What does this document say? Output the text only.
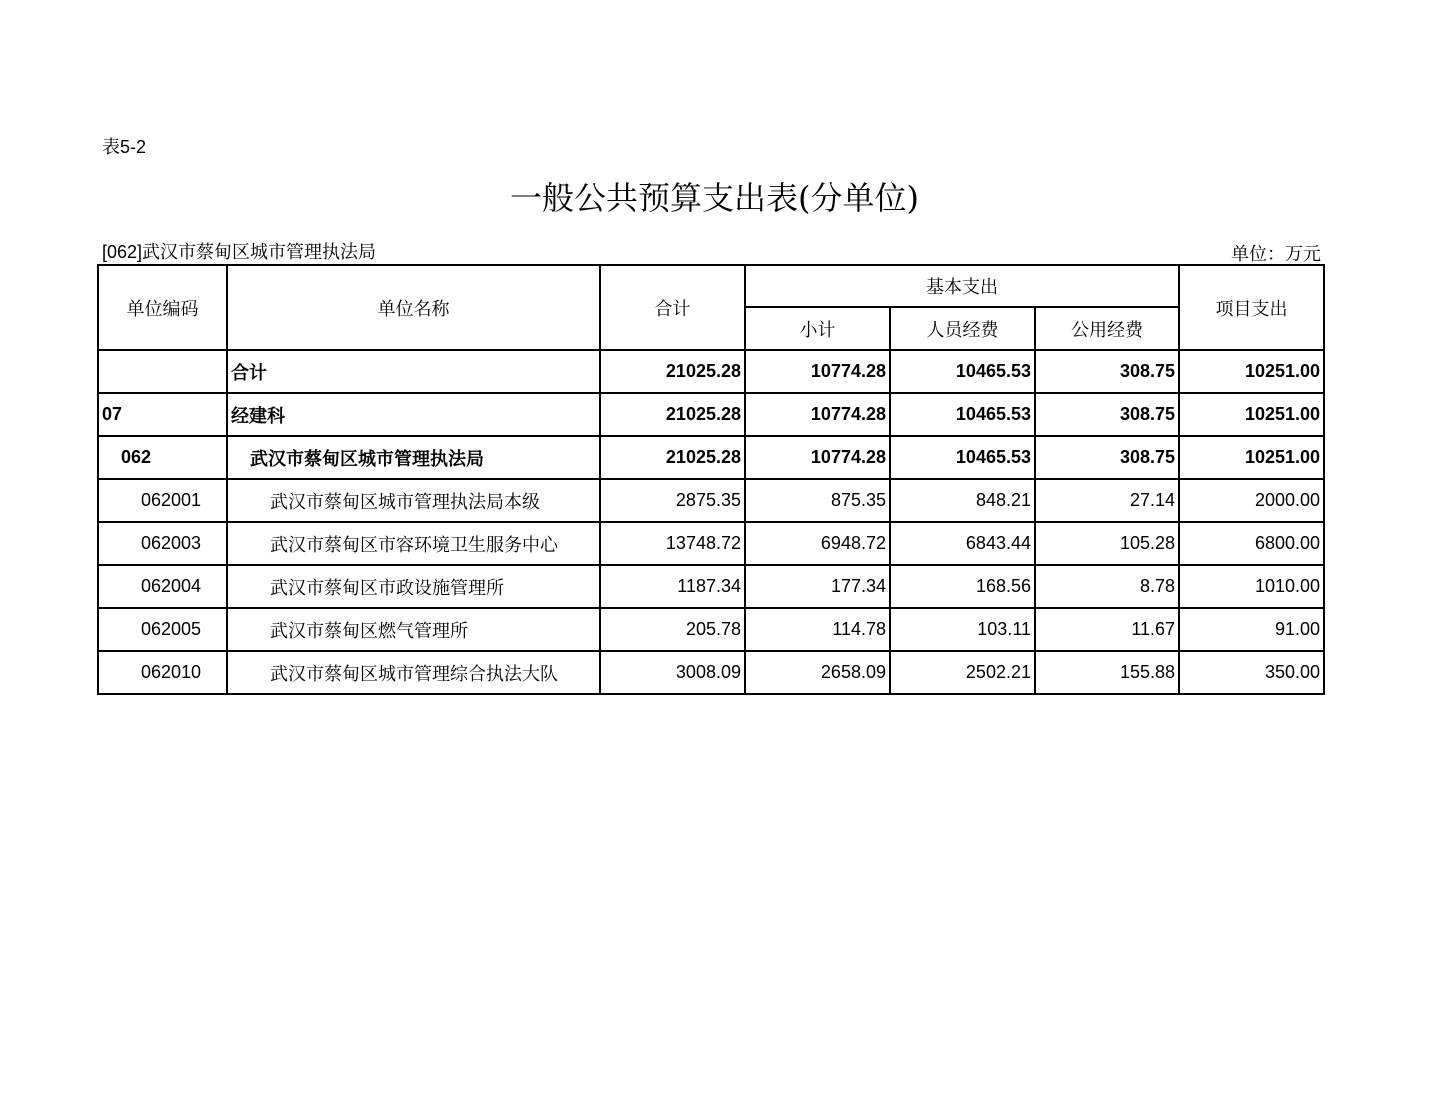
表5-2
一般公共预算支出表(分单位)
[062]武汉市蔡甸区城市管理执法局	单位：万元
单位编码	单位名称	合计	基本支出			项目支出
			小计	人员经费	公用经费	
	合计	21025.28	10774.28	10465.53	308.75	10251.00
07	经建科	21025.28	10774.28	10465.53	308.75	10251.00
062	武汉市蔡甸区城市管理执法局	21025.28	10774.28	10465.53	308.75	10251.00
062001	武汉市蔡甸区城市管理执法局本级	2875.35	875.35	848.21	27.14	2000.00
062003	武汉市蔡甸区市容环境卫生服务中心	13748.72	6948.72	6843.44	105.28	6800.00
062004	武汉市蔡甸区市政设施管理所	1187.34	177.34	168.56	8.78	1010.00
062005	武汉市蔡甸区燃气管理所	205.78	114.78	103.11	11.67	91.00
062010	武汉市蔡甸区城市管理综合执法大队	3008.09	2658.09	2502.21	155.88	350.00
